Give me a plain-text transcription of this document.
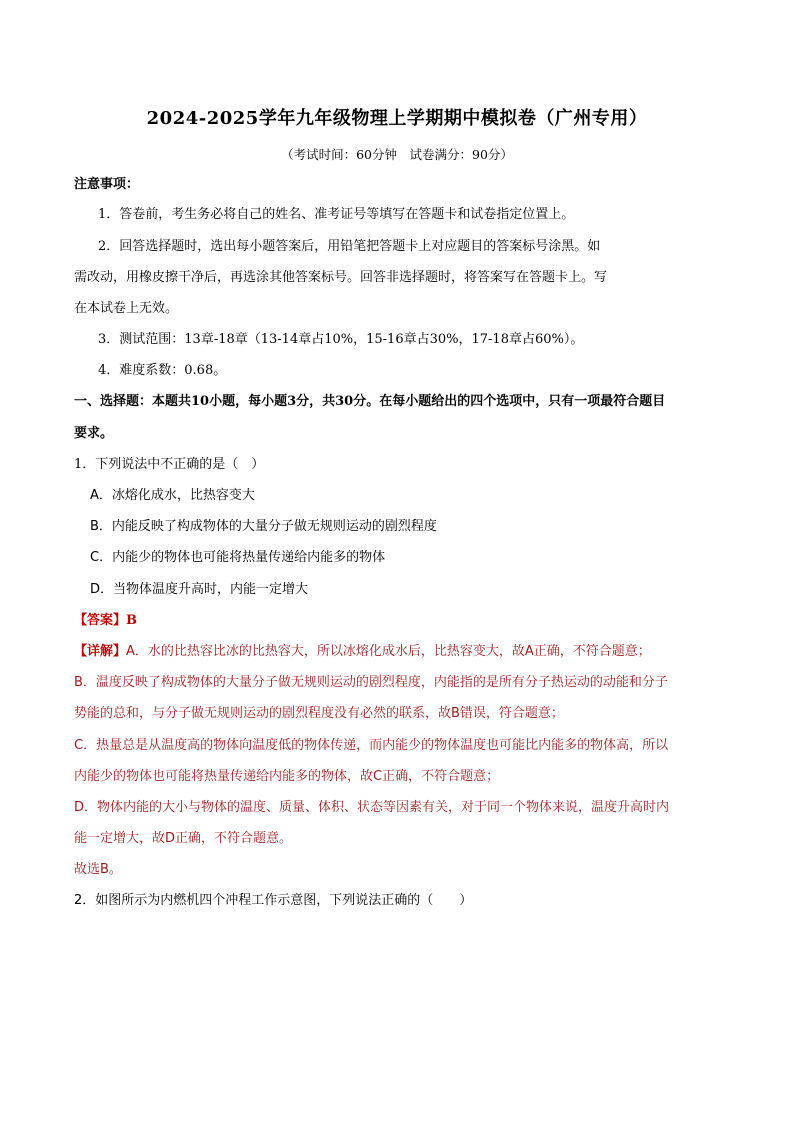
2024-2025学年九年级物理上学期期中模拟卷（广州专用）
（考试时间：60分钟　试卷满分：90分）
注意事项：
1．答卷前，考生务必将自己的姓名、准考证号等填写在答题卡和试卷指定位置上。
2．回答选择题时，选出每小题答案后，用铅笔把答题卡上对应题目的答案标号涂黑。如
需改动，用橡皮擦干净后，再选涂其他答案标号。回答非选择题时，将答案写在答题卡上。写
在本试卷上无效。
3．测试范围：13章-18章（13-14章占10%，15-16章占30%，17-18章占60%）。
4．难度系数：0.68。
一、选择题：本题共10小题，每小题3分，共30分。在每小题给出的四个选项中，只有一项最符合题目
要求。
1．下列说法中不正确的是（　）
A．冰熔化成水，比热容变大
B．内能反映了构成物体的大量分子做无规则运动的剧烈程度
C．内能少的物体也可能将热量传递给内能多的物体
D．当物体温度升高时，内能一定增大
【答案】B
【详解】A．水的比热容比冰的比热容大，所以冰熔化成水后，比热容变大，故A正确，不符合题意；
B．温度反映了构成物体的大量分子做无规则运动的剧烈程度，内能指的是所有分子热运动的动能和分子
势能的总和，与分子做无规则运动的剧烈程度没有必然的联系，故B错误，符合题意；
C．热量总是从温度高的物体向温度低的物体传递，而内能少的物体温度也可能比内能多的物体高，所以
内能少的物体也可能将热量传递给内能多的物体，故C正确，不符合题意；
D．物体内能的大小与物体的温度、质量、体积、状态等因素有关，对于同一个物体来说，温度升高时内
能一定增大，故D正确，不符合题意。
故选B。
2．如图所示为内燃机四个冲程工作示意图，下列说法正确的（　　）
